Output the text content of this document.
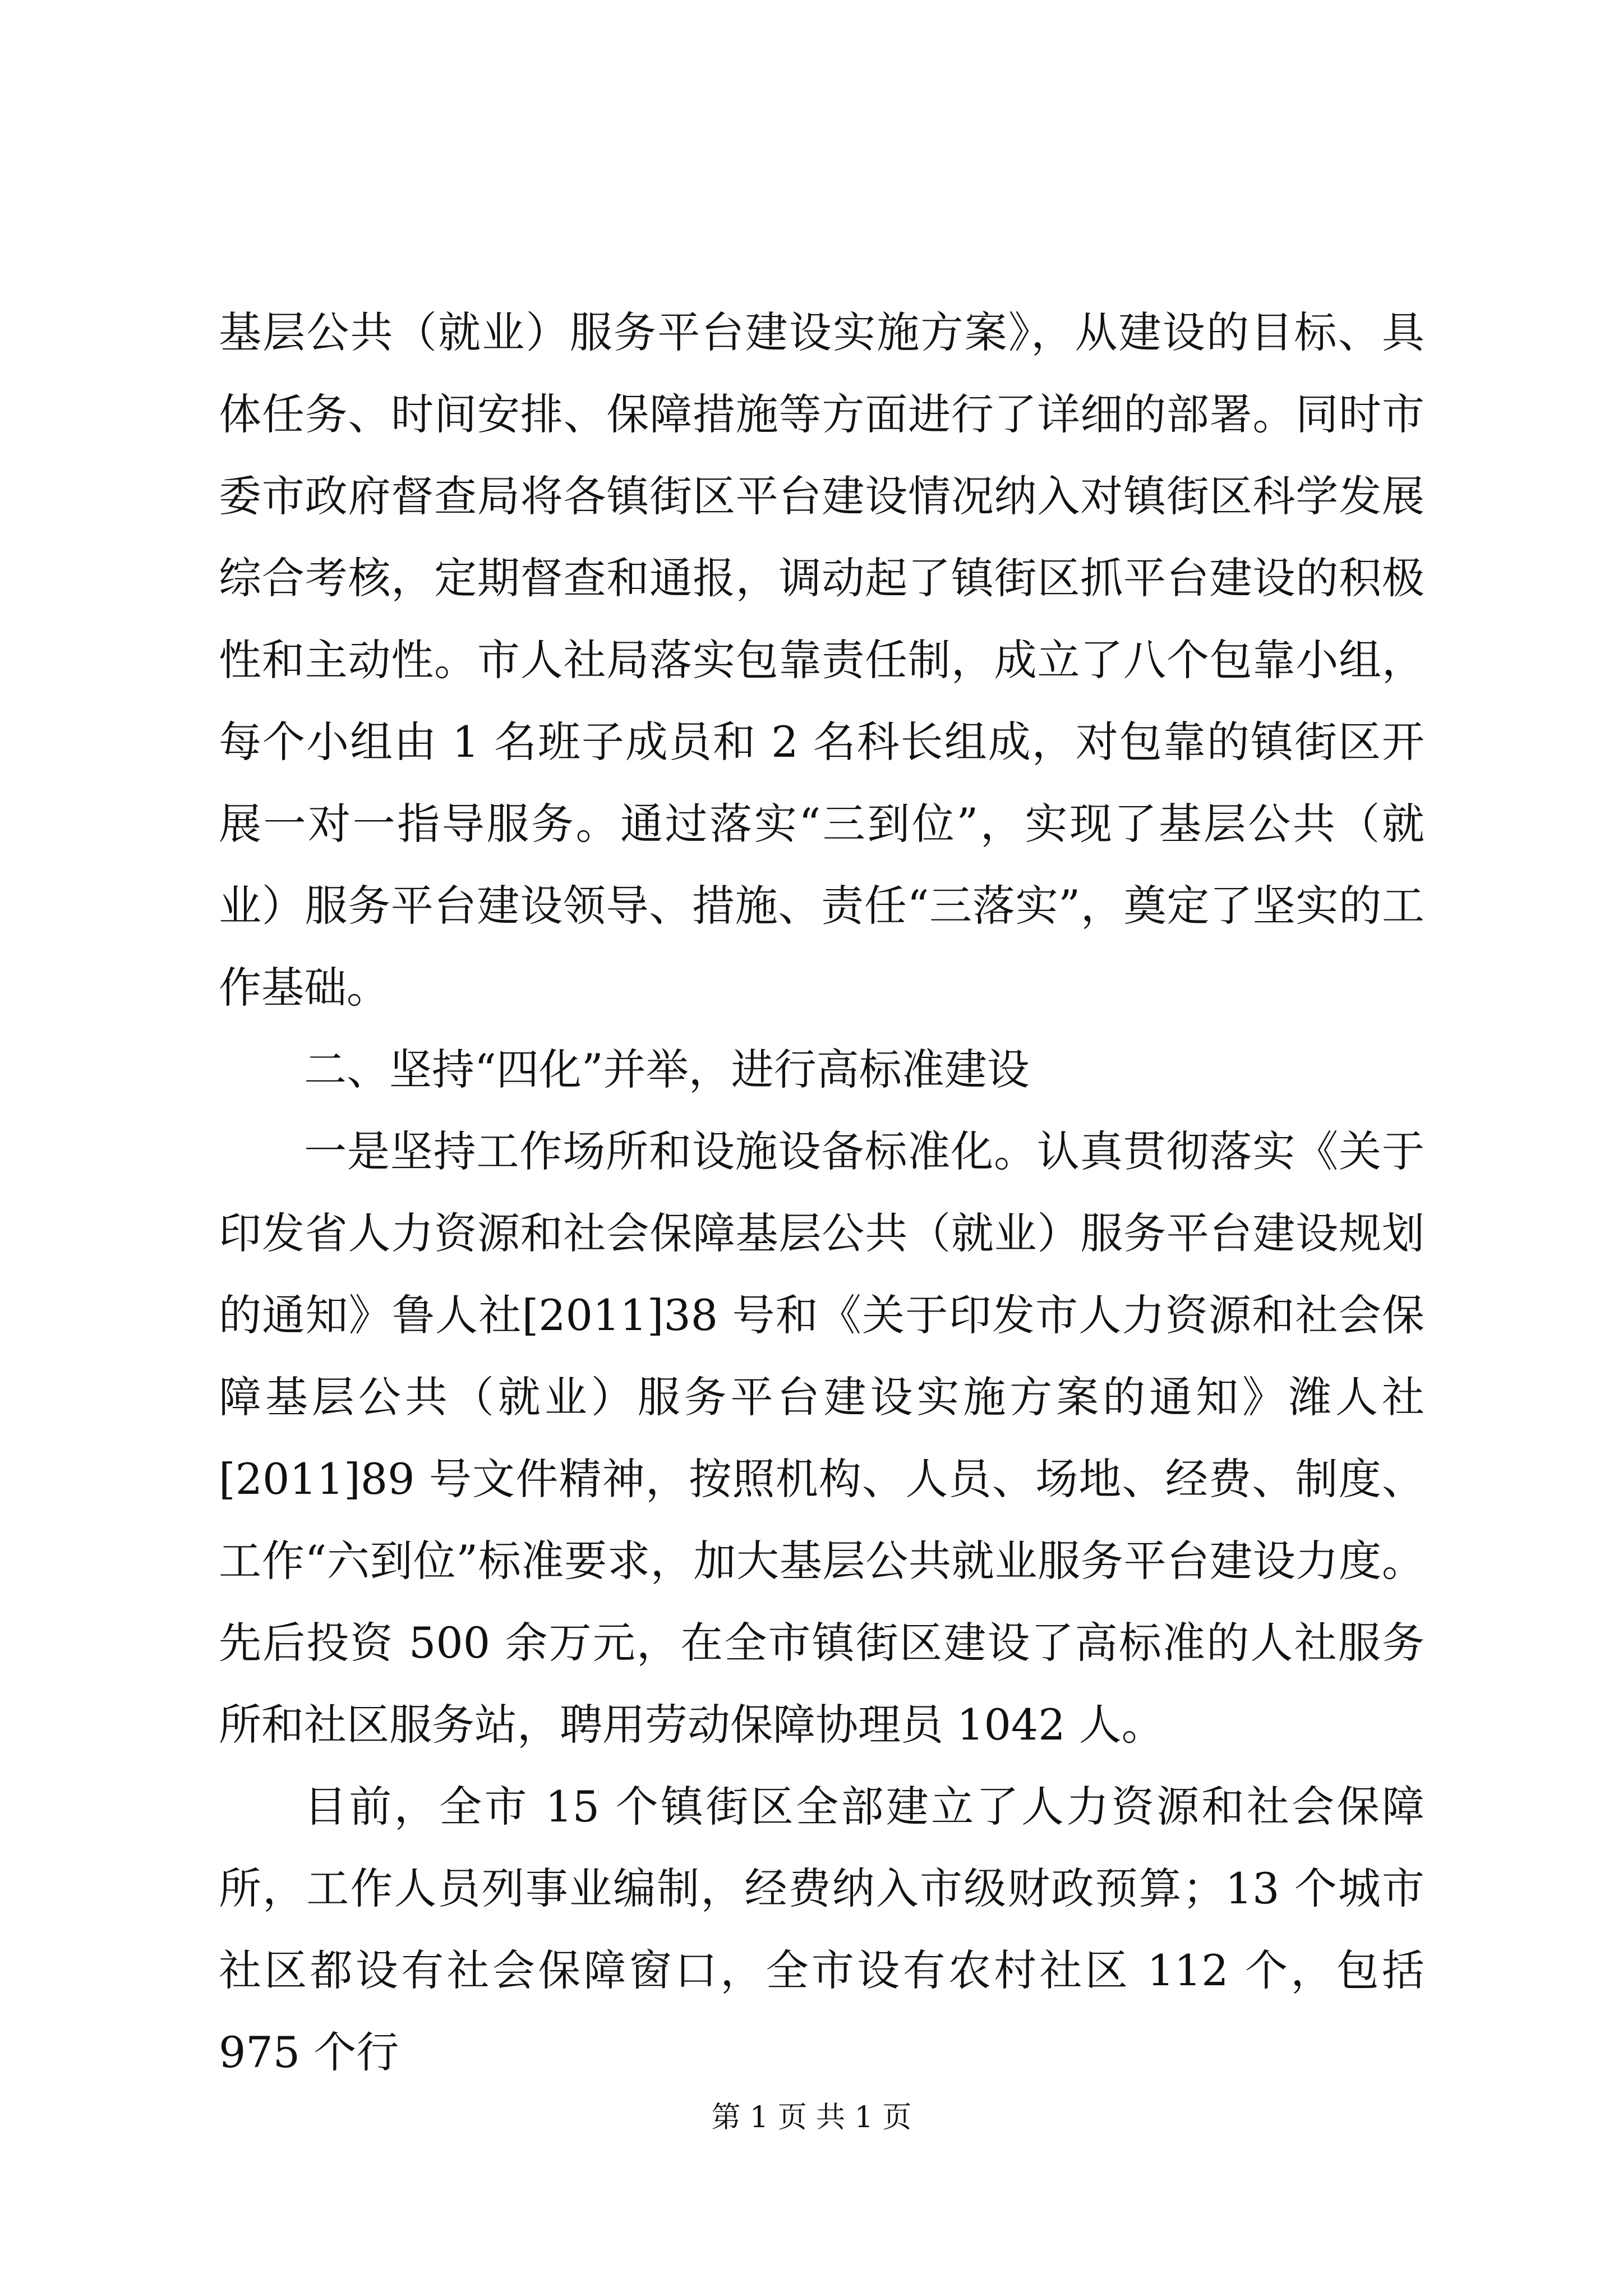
基层公共（就业）服务平台建设实施方案》，从建设的目标、具体任务、时间安排、保障措施等方面进行了详细的部署。同时市委市政府督查局将各镇街区平台建设情况纳入对镇街区科学发展综合考核，定期督查和通报，调动起了镇街区抓平台建设的积极性和主动性。市人社局落实包靠责任制，成立了八个包靠小组，每个小组由 1 名班子成员和 2 名科长组成，对包靠的镇街区开展一对一指导服务。通过落实“三到位”，实现了基层公共（就业）服务平台建设领导、措施、责任“三落实”，奠定了坚实的工作基础。

二、坚持“四化”并举，进行高标准建设

一是坚持工作场所和设施设备标准化。认真贯彻落实《关于印发省人力资源和社会保障基层公共（就业）服务平台建设规划的通知》鲁人社[2011]38 号和《关于印发市人力资源和社会保障基层公共（就业）服务平台建设实施方案的通知》潍人社[2011]89 号文件精神，按照机构、人员、场地、经费、制度、工作“六到位”标准要求，加大基层公共就业服务平台建设力度。先后投资 500 余万元，在全市镇街区建设了高标准的人社服务所和社区服务站，聘用劳动保障协理员 1042 人。

目前，全市 15 个镇街区全部建立了人力资源和社会保障所，工作人员列事业编制，经费纳入市级财政预算；13 个城市社区都设有社会保障窗口，全市设有农村社区 112 个，包括 975 个行

第 1 页 共 1 页
